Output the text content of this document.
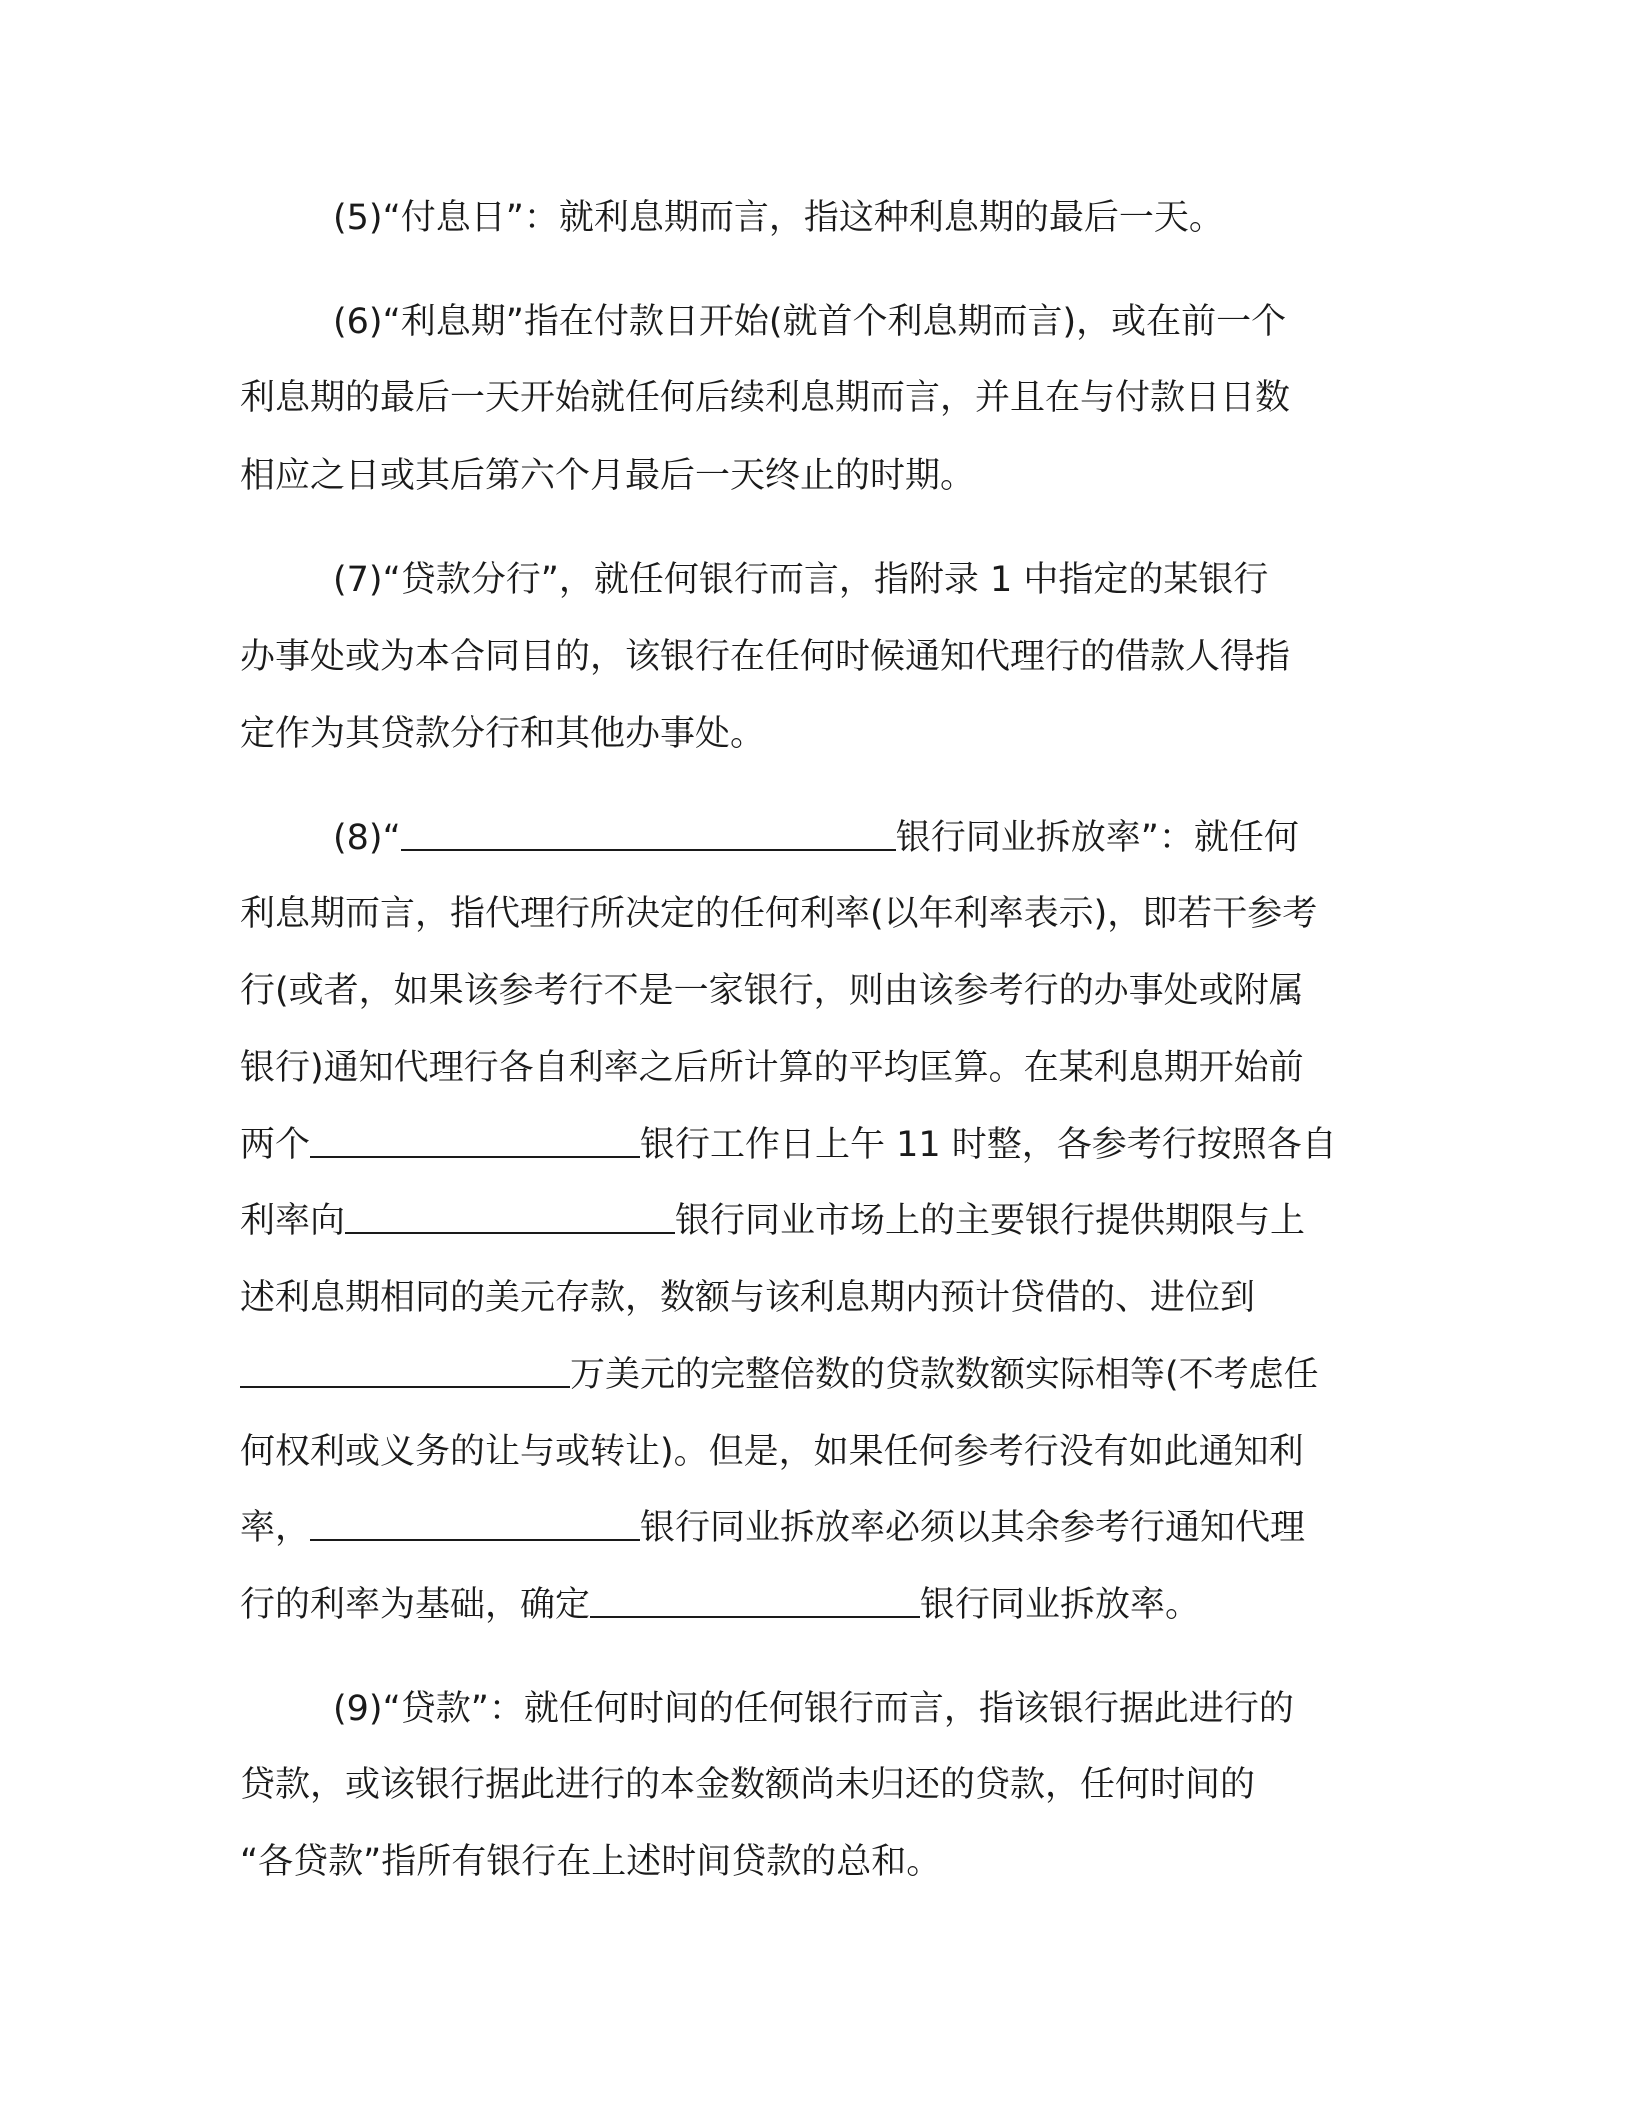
(5)“付息日”：就利息期而言，指这种利息期的最后一天。
(6)“利息期”指在付款日开始(就首个利息期而言)，或在前一个
利息期的最后一天开始就任何后续利息期而言，并且在与付款日日数
相应之日或其后第六个月最后一天终止的时期。
(7)“贷款分行”，就任何银行而言，指附录 1 中指定的某银行
办事处或为本合同目的，该银行在任何时候通知代理行的借款人得指
定作为其贷款分行和其他办事处。
(8)“	银行同业拆放率”：就任何
利息期而言，指代理行所决定的任何利率(以年利率表示)，即若干参考
行(或者，如果该参考行不是一家银行，则由该参考行的办事处或附属
银行)通知代理行各自利率之后所计算的平均匡算。在某利息期开始前
两个	银行工作日上午 11 时整，各参考行按照各自
利率向	银行同业市场上的主要银行提供期限与上
述利息期相同的美元存款，数额与该利息期内预计贷借的、进位到
万美元的完整倍数的贷款数额实际相等(不考虑任
何权利或义务的让与或转让)。但是，如果任何参考行没有如此通知利
率，	银行同业拆放率必须以其余参考行通知代理
行的利率为基础，确定	银行同业拆放率。
(9)“贷款”：就任何时间的任何银行而言，指该银行据此进行的
贷款，或该银行据此进行的本金数额尚未归还的贷款，任何时间的
“各贷款”指所有银行在上述时间贷款的总和。
